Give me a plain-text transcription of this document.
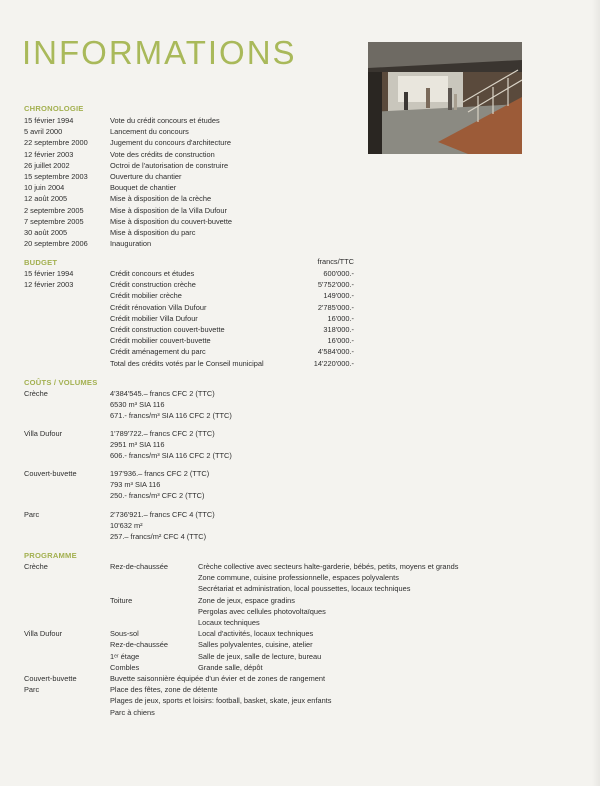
INFORMATIONS
CHRONOLOGIE
15 février 1994	Vote du crédit concours et études
5 avril 2000	Lancement du concours
22 septembre 2000	Jugement du concours d'architecture
12 février 2003	Vote des crédits de construction
26 juillet 2002	Octroi de l'autorisation de construire
15 septembre 2003	Ouverture du chantier
10 juin 2004	Bouquet de chantier
12 août 2005	Mise à disposition de la crèche
2 septembre 2005	Mise à disposition de la Villa Dufour
7 septembre 2005	Mise à disposition du couvert-buvette
30 août 2005	Mise à disposition du parc
20 septembre 2006	Inauguration
BUDGET	francs/TTC
15 février 1994	Crédit concours et études	600'000.-
12 février 2003	Crédit construction crèche	5'752'000.-
Crédit mobilier crèche	149'000.-
Crédit rénovation Villa Dufour	2'785'000.-
Crédit mobilier Villa Dufour	16'000.-
Crédit construction couvert-buvette	318'000.-
Crédit mobilier couvert-buvette	16'000.-
Crédit aménagement du parc	4'584'000.-
Total des crédits votés par le Conseil municipal	14'220'000.-
COÛTS / VOLUMES
Crèche	4'384'545.– francs CFC 2 (TTC)
6530 m³ SIA 116
671.- francs/m³ SIA 116 CFC 2 (TTC)
Villa Dufour	1'789'722.– francs CFC 2 (TTC)
2951 m³ SIA 116
606.- francs/m³ SIA 116 CFC 2 (TTC)
Couvert-buvette	197'936.– francs CFC 2 (TTC)
793 m³ SIA 116
250.- francs/m³ CFC 2 (TTC)
Parc	2'736'921.– francs CFC 4 (TTC)
10'632 m²
257.– francs/m² CFC 4 (TTC)
PROGRAMME
Crèche	Rez-de-chaussée	Crèche collective avec secteurs halte-garderie, bébés, petits, moyens et grands
Zone commune, cuisine professionnelle, espaces polyvalents
Secrétariat et administration, local poussettes, locaux techniques
Toiture	Zone de jeux, espace gradins
Pergolas avec cellules photovoltaïques
Locaux techniques
Villa Dufour	Sous-sol	Local d'activités, locaux techniques
Rez-de-chaussée	Salles polyvalentes, cuisine, atelier
1ᵉʳ étage	Salle de jeux, salle de lecture, bureau
Combles	Grande salle, dépôt
Couvert-buvette	Buvette saisonnière équipée d'un évier et de zones de rangement
Parc	Place des fêtes, zone de détente
Plages de jeux, sports et loisirs: football, basket, skate, jeux enfants
Parc à chiens
